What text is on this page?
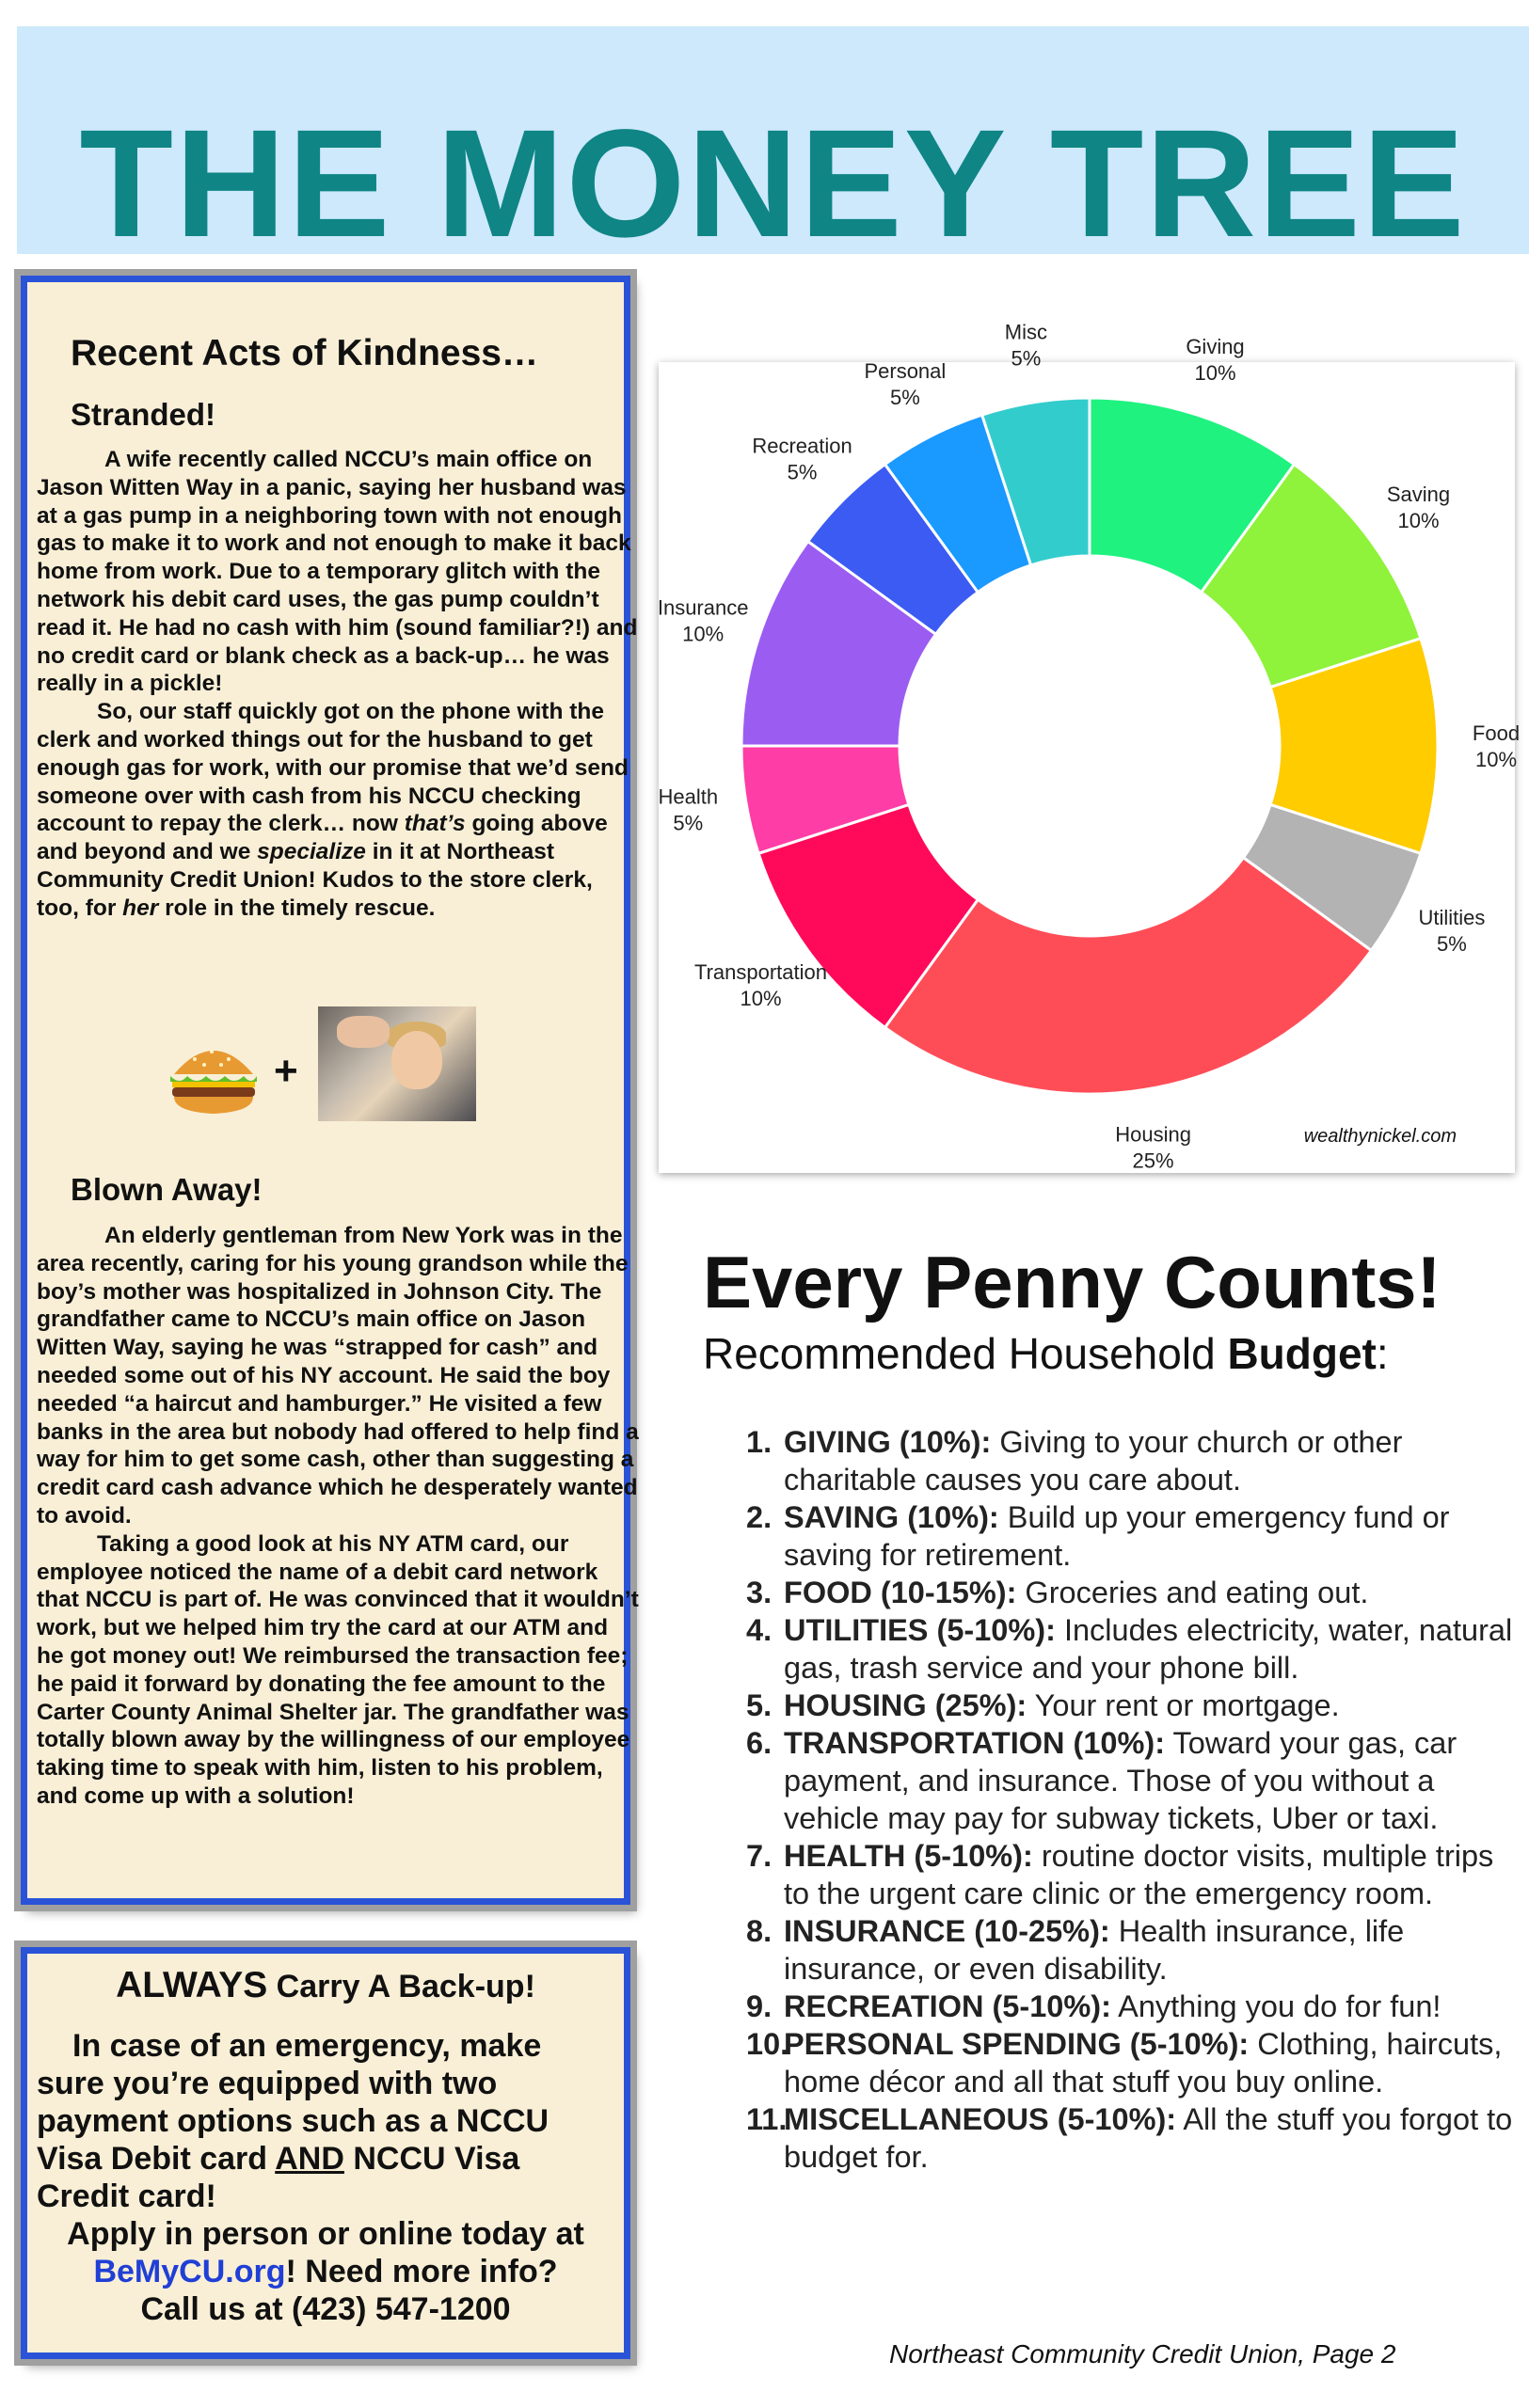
THE MONEY TREE
Recent Acts of Kindness…
Stranded!

A wife recently called NCCU’s main office on Jason Witten Way in a panic, saying her husband was at a gas pump in a neighboring town with not enough gas to make it to work and not enough to make it back home from work. Due to a temporary glitch with the network his debit card uses, the gas pump couldn’t read it. He had no cash with him (sound familiar?!) and no credit card or blank check as a back-up… he was really in a pickle!

So, our staff quickly got on the phone with the clerk and worked things out for the husband to get enough gas for work, with our promise that we’d send someone over with cash from his NCCU checking account to repay the clerk… now that’s going above and beyond and we specialize in it at Northeast Community Credit Union! Kudos to the store clerk, too, for her role in the timely rescue.

+
Blown Away!

An elderly gentleman from New York was in the area recently, caring for his young grandson while the boy’s mother was hospitalized in Johnson City. The grandfather came to NCCU’s main office on Jason Witten Way, saying he was “strapped for cash” and needed some out of his NY account. He said the boy needed “a haircut and hamburger.” He visited a few banks in the area but nobody had offered to help find a way for him to get some cash, other than suggesting a credit card cash advance which he desperately wanted to avoid.

Taking a good look at his NY ATM card, our employee noticed the name of a debit card network that NCCU is part of. He was convinced that it wouldn’t work, but we helped him try the card at our ATM and he got money out! We reimbursed the transaction fee; he paid it forward by donating the fee amount to the Carter County Animal Shelter jar. The grandfather was totally blown away by the willingness of our employee taking time to speak with him, listen to his problem, and come up with a solution!

ALWAYS Carry A Back-up!
In case of an emergency, make sure you’re equipped with two payment options such as a NCCU Visa Debit card AND NCCU Visa Credit card!
Apply in person or online today at BeMyCU.org! Need more info?
Call us at (423) 547-1200
Giving
10%
Saving
10%
Food
10%
Utilities
5%
Housing
25%
Transportation
10%
Health
5%
Insurance
10%
Recreation
5%
Personal
5%
Misc
5%
wealthynickel.com
Every Penny Counts!
Recommended Household Budget:
1. GIVING (10%): Giving to your church or other charitable causes you care about.
2. SAVING (10%): Build up your emergency fund or saving for retirement.
3. FOOD (10-15%): Groceries and eating out.
4. UTILITIES (5-10%): Includes electricity, water, natural gas, trash service and your phone bill.
5. HOUSING (25%): Your rent or mortgage.
6. TRANSPORTATION (10%): Toward your gas, car payment, and insurance. Those of you without a vehicle may pay for subway tickets, Uber or taxi.
7. HEALTH (5-10%): routine doctor visits, multiple trips to the urgent care clinic or the emergency room.
8. INSURANCE (10-25%): Health insurance, life insurance, or even disability.
9. RECREATION (5-10%): Anything you do for fun!
10.PERSONAL SPENDING (5-10%): Clothing, haircuts, home décor and all that stuff you buy online.
11.MISCELLANEOUS (5-10%): All the stuff you forgot to budget for.
Northeast Community Credit Union, Page 2
